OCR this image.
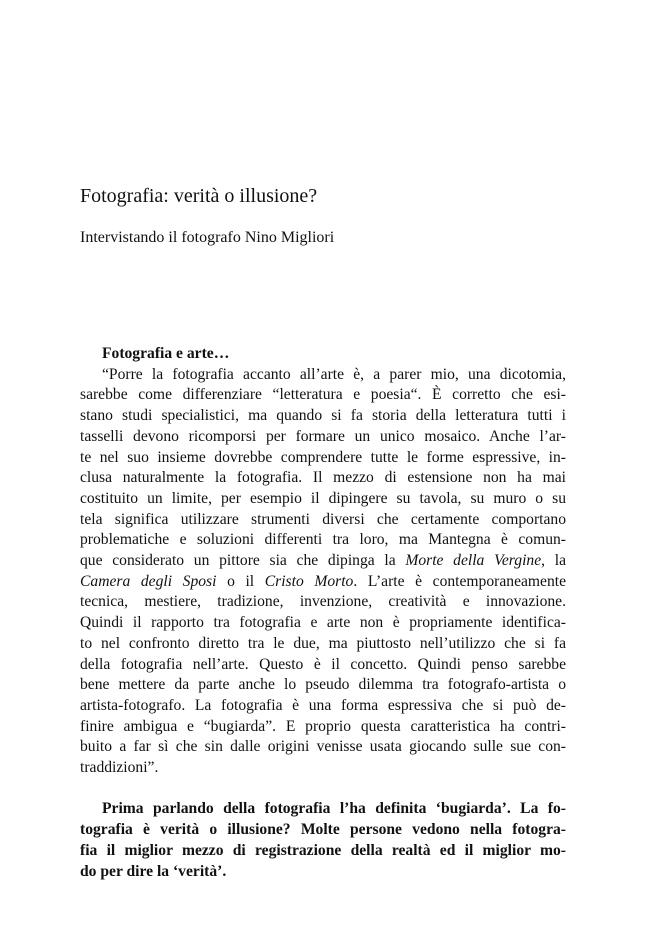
Fotografia: verità o illusione?
Intervistando il fotografo Nino Migliori
Fotografia e arte…
“Porre la fotografia accanto all’arte è, a parer mio, una dicotomia,
sarebbe come differenziare “letteratura e poesia“. È corretto che esi-
stano studi specialistici, ma quando si fa storia della letteratura tutti i
tasselli devono ricomporsi per formare un unico mosaico. Anche l’ar-
te nel suo insieme dovrebbe comprendere tutte le forme espressive, in-
clusa naturalmente la fotografia. Il mezzo di estensione non ha mai
costituito un limite, per esempio il dipingere su tavola, su muro o su
tela significa utilizzare strumenti diversi che certamente comportano
problematiche e soluzioni differenti tra loro, ma Mantegna è comun-
que considerato un pittore sia che dipinga la Morte della Vergine, la
Camera degli Sposi o il Cristo Morto. L’arte è contemporaneamente
tecnica, mestiere, tradizione, invenzione, creatività e innovazione.
Quindi il rapporto tra fotografia e arte non è propriamente identifica-
to nel confronto diretto tra le due, ma piuttosto nell’utilizzo che si fa
della fotografia nell’arte. Questo è il concetto. Quindi penso sarebbe
bene mettere da parte anche lo pseudo dilemma tra fotografo-artista o
artista-fotografo. La fotografia è una forma espressiva che si può de-
finire ambigua e “bugiarda”. E proprio questa caratteristica ha contri-
buito a far sì che sin dalle origini venisse usata giocando sulle sue con-
traddizioni”.
Prima parlando della fotografia l’ha definita ‘bugiarda’. La fo-
tografia è verità o illusione? Molte persone vedono nella fotogra-
fia il miglior mezzo di registrazione della realtà ed il miglior mo-
do per dire la ‘verità’.
